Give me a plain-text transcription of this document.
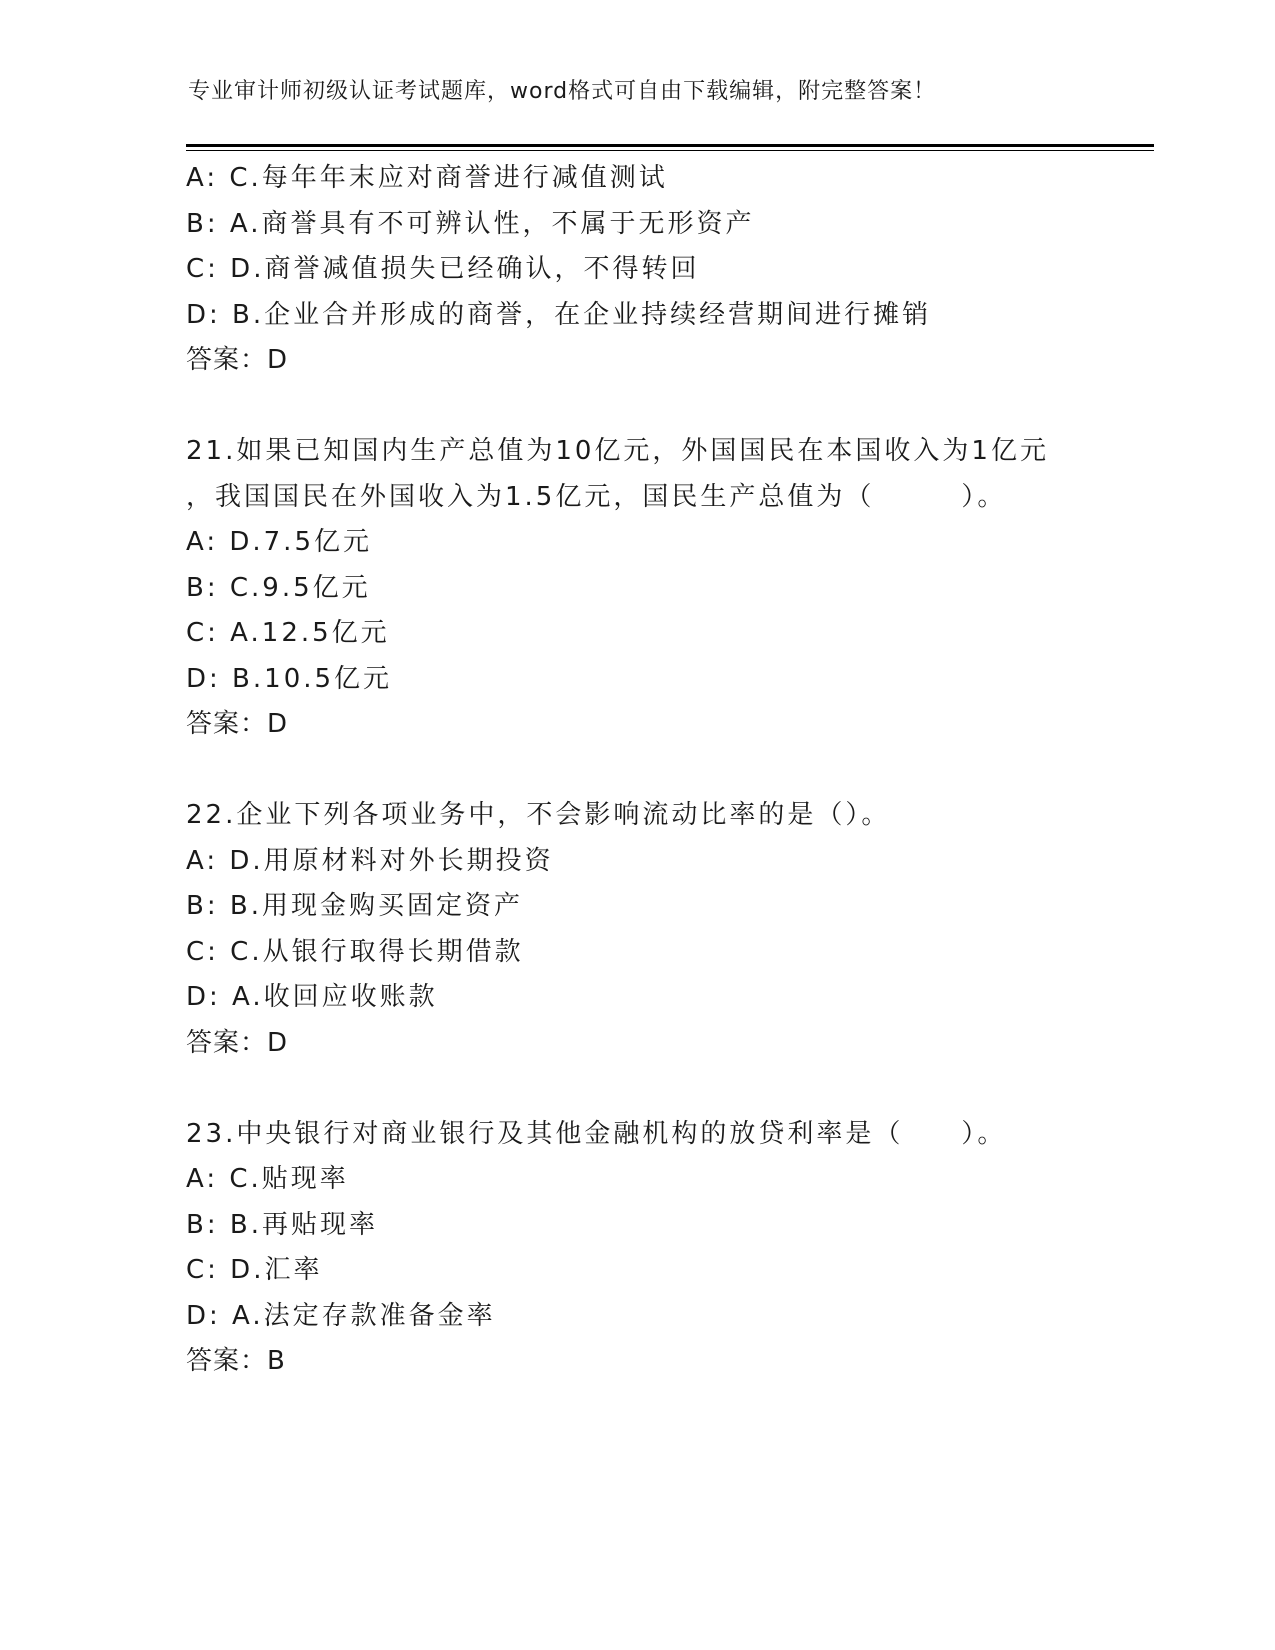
专业审计师初级认证考试题库，word格式可自由下载编辑，附完整答案！
A: C.每年年末应对商誉进行减值测试
B: A.商誉具有不可辨认性，不属于无形资产
C: D.商誉减值损失已经确认，不得转回
D: B.企业合并形成的商誉，在企业持续经营期间进行摊销
答案：D
21.如果已知国内生产总值为10亿元，外国国民在本国收入为1亿元
，我国国民在外国收入为1.5亿元，国民生产总值为（　　　）。
A: D.7.5亿元
B: C.9.5亿元
C: A.12.5亿元
D: B.10.5亿元
答案：D
22.企业下列各项业务中，不会影响流动比率的是（）。
A: D.用原材料对外长期投资
B: B.用现金购买固定资产
C: C.从银行取得长期借款
D: A.收回应收账款
答案：D
23.中央银行对商业银行及其他金融机构的放贷利率是（　　）。
A: C.贴现率
B: B.再贴现率
C: D.汇率
D: A.法定存款准备金率
答案：B
